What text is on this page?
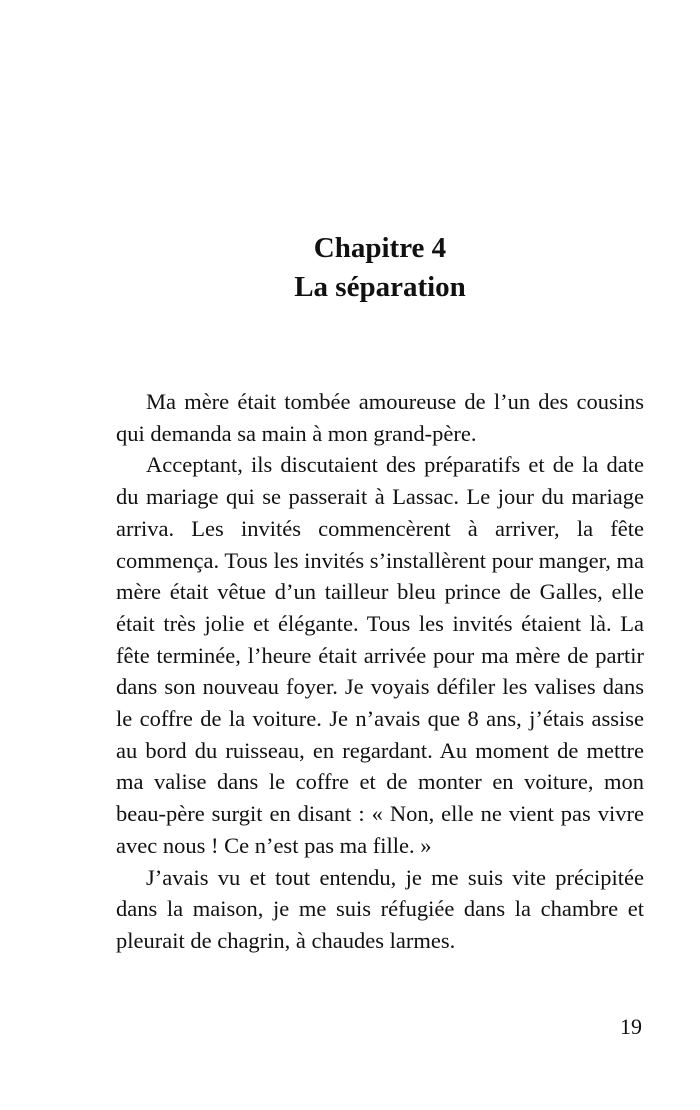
Chapitre 4
La séparation

Ma mère était tombée amoureuse de l’un des cousins qui demanda sa main à mon grand-père.

Acceptant, ils discutaient des préparatifs et de la date du mariage qui se passerait à Lassac. Le jour du mariage arriva. Les invités commencèrent à arriver, la fête commença. Tous les invités s’installèrent pour manger, ma mère était vêtue d’un tailleur bleu prince de Galles, elle était très jolie et élégante. Tous les invités étaient là. La fête terminée, l’heure était arrivée pour ma mère de partir dans son nouveau foyer. Je voyais défiler les valises dans le coffre de la voiture. Je n’avais que 8 ans, j’étais assise au bord du ruisseau, en regardant. Au moment de mettre ma valise dans le coffre et de monter en voiture, mon beau-père surgit en disant : « Non, elle ne vient pas vivre avec nous ! Ce n’est pas ma fille. »

J’avais vu et tout entendu, je me suis vite précipitée dans la maison, je me suis réfugiée dans la chambre et pleurait de chagrin, à chaudes larmes.

19
